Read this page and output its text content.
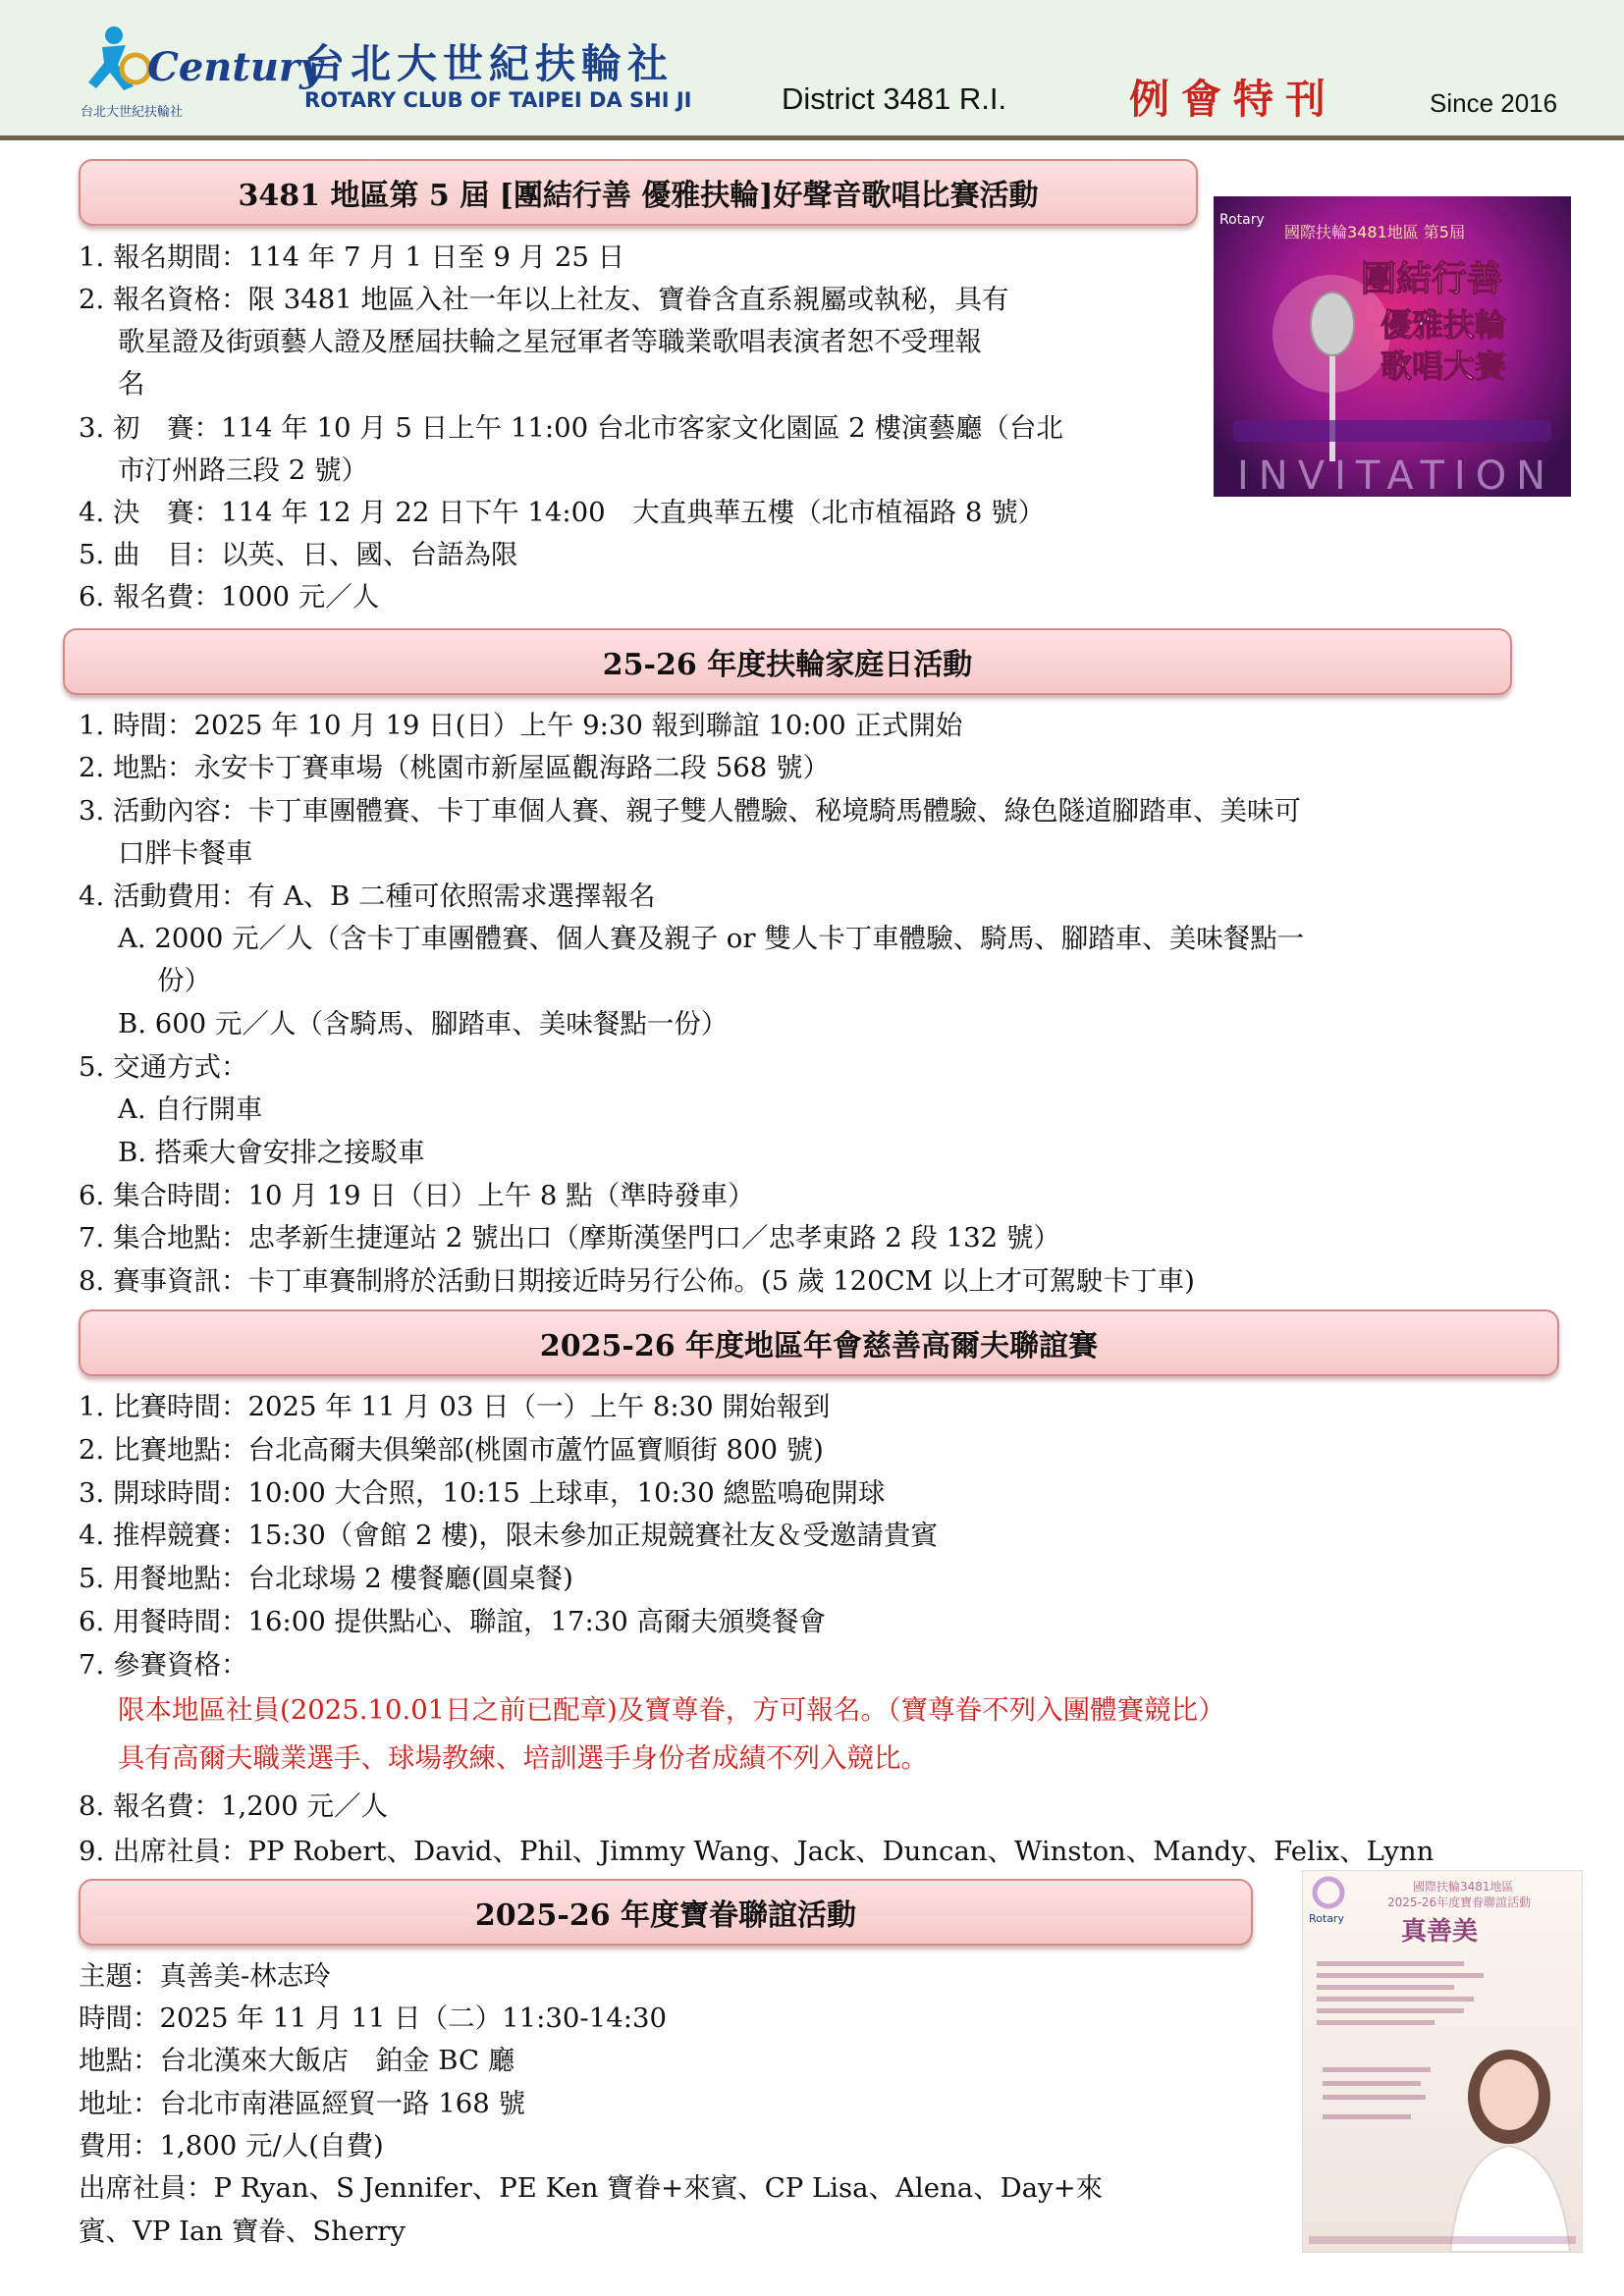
Century
台北大世紀扶輪社
台北大世紀扶輪社
ROTARY CLUB OF TAIPEI DA SHI JI	District 3481 R.I.	例會特刊	Since 2016
3481 地區第 5 屆 [團結行善 優雅扶輪]好聲音歌唱比賽活動
1. 報名期間：114 年 7 月 1 日至 9 月 25 日
2. 報名資格：限 3481 地區入社一年以上社友、寶眷含直系親屬或執秘，具有
歌星證及街頭藝人證及歷屆扶輪之星冠軍者等職業歌唱表演者恕不受理報
名
3. 初　賽：114 年 10 月 5 日上午 11:00 台北市客家文化園區 2 樓演藝廳（台北
市汀州路三段 2 號）
4. 決　賽：114 年 12 月 22 日下午 14:00　大直典華五樓（北市植福路 8 號）
5. 曲　目：以英、日、國、台語為限
6. 報名費：1000 元／人
Rotary
國際扶輪3481地區 第5屆
團結行善
優雅扶輪
歌唱大賽
INVITATION
25-26 年度扶輪家庭日活動
1. 時間：2025 年 10 月 19 日(日）上午 9:30 報到聯誼 10:00 正式開始
2. 地點：永安卡丁賽車場（桃園市新屋區觀海路二段 568 號）
3. 活動內容：卡丁車團體賽、卡丁車個人賽、親子雙人體驗、秘境騎馬體驗、綠色隧道腳踏車、美味可
口胖卡餐車
4. 活動費用：有 A、B 二種可依照需求選擇報名
A. 2000 元／人（含卡丁車團體賽、個人賽及親子 or 雙人卡丁車體驗、騎馬、腳踏車、美味餐點一
份）
B. 600 元／人（含騎馬、腳踏車、美味餐點一份）
5. 交通方式：
A. 自行開車
B. 搭乘大會安排之接駁車
6. 集合時間：10 月 19 日（日）上午 8 點（準時發車）
7. 集合地點：忠孝新生捷運站 2 號出口（摩斯漢堡門口／忠孝東路 2 段 132 號）
8. 賽事資訊：卡丁車賽制將於活動日期接近時另行公佈。(5 歲 120CM 以上才可駕駛卡丁車)
2025-26 年度地區年會慈善高爾夫聯誼賽
1. 比賽時間：2025 年 11 月 03 日（一）上午 8:30 開始報到
2. 比賽地點：台北高爾夫俱樂部(桃園市蘆竹區寶順街 800 號)
3. 開球時間：10:00 大合照，10:15 上球車，10:30 總監鳴砲開球
4. 推桿競賽：15:30（會館 2 樓)，限未參加正規競賽社友＆受邀請貴賓
5. 用餐地點：台北球場 2 樓餐廳(圓桌餐)
6. 用餐時間：16:00 提供點心、聯誼，17:30 高爾夫頒獎餐會
7. 參賽資格：
限本地區社員(2025.10.01日之前已配章)及寶尊眷，方可報名。（寶尊眷不列入團體賽競比）
具有高爾夫職業選手、球場教練、培訓選手身份者成績不列入競比。
8. 報名費：1,200 元／人
9. 出席社員：PP Robert、David、Phil、Jimmy Wang、Jack、Duncan、Winston、Mandy、Felix、Lynn
2025-26 年度寶眷聯誼活動
主題：真善美-林志玲
時間：2025 年 11 月 11 日（二）11:30-14:30
地點：台北漢來大飯店　鉑金 BC 廳
地址：台北市南港區經貿一路 168 號
費用：1,800 元/人(自費)
出席社員：P Ryan、S Jennifer、PE Ken 寶眷+來賓、CP Lisa、Alena、Day+來
賓、VP Ian 寶眷、Sherry
Rotary
國際扶輪3481地區
2025-26年度寶眷聯誼活動
真善美
